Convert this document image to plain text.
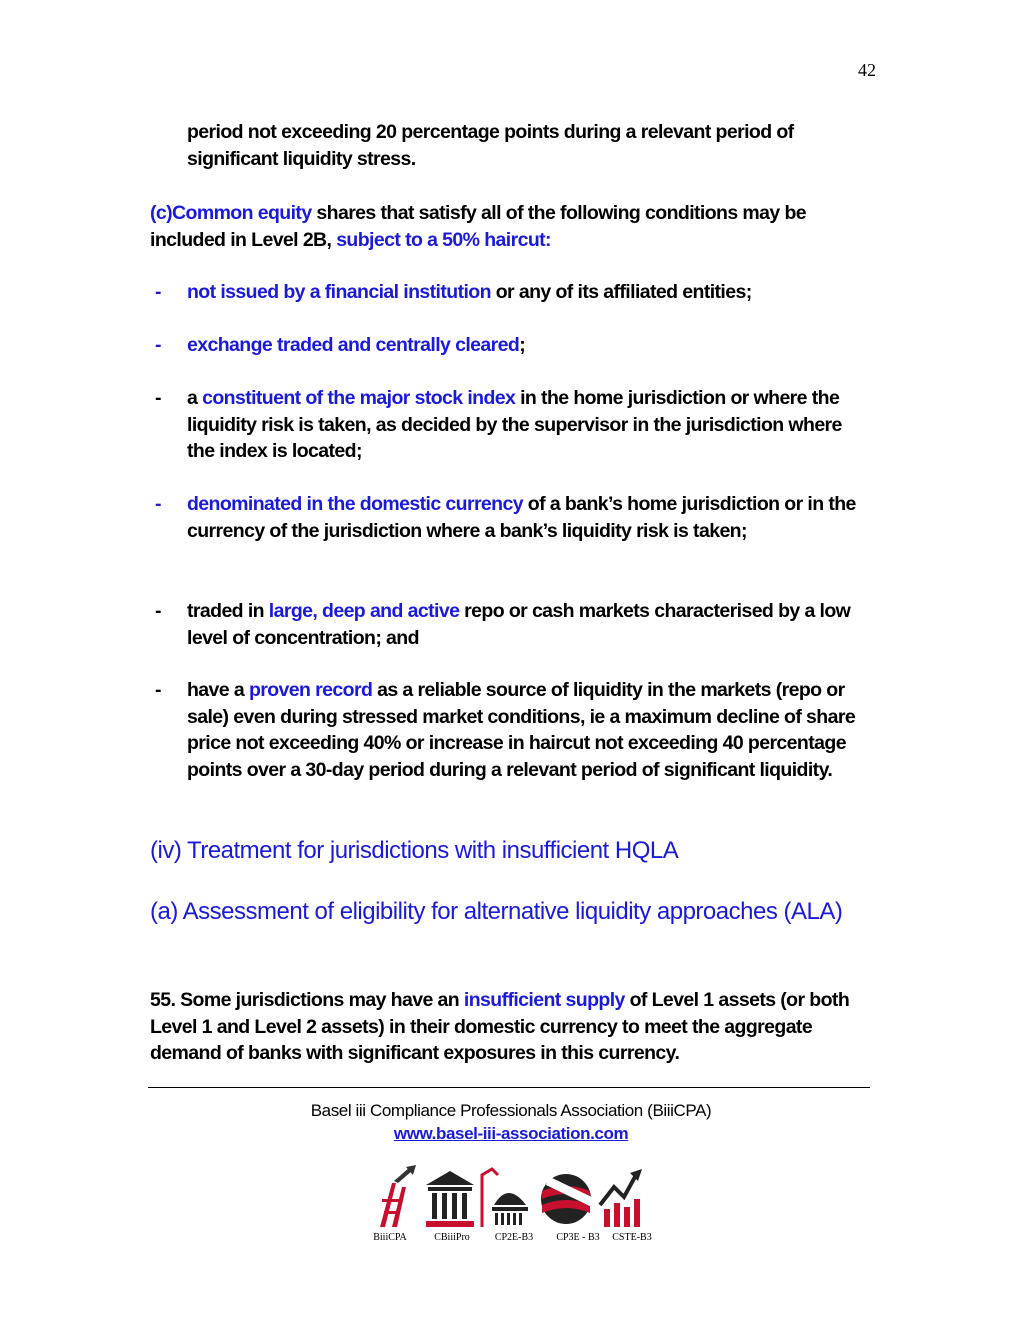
42
period not exceeding 20 percentage points during a relevant period of significant liquidity stress.
(c)Common equity shares that satisfy all of the following conditions may be included in Level 2B, subject to a 50% haircut:
- not issued by a financial institution or any of its affiliated entities;
- exchange traded and centrally cleared;
- a constituent of the major stock index in the home jurisdiction or where the liquidity risk is taken, as decided by the supervisor in the jurisdiction where the index is located;
- denominated in the domestic currency of a bank’s home jurisdiction or in the currency of the jurisdiction where a bank’s liquidity risk is taken;
- traded in large, deep and active repo or cash markets characterised by a low level of concentration; and
- have a proven record as a reliable source of liquidity in the markets (repo or sale) even during stressed market conditions, ie a maximum decline of share price not exceeding 40% or increase in haircut not exceeding 40 percentage points over a 30-day period during a relevant period of significant liquidity.
(iv) Treatment for jurisdictions with insufficient HQLA
(a) Assessment of eligibility for alternative liquidity approaches (ALA)
55. Some jurisdictions may have an insufficient supply of Level 1 assets (or both Level 1 and Level 2 assets) in their domestic currency to meet the aggregate demand of banks with significant exposures in this currency.
Basel iii Compliance Professionals Association (BiiiCPA)
www.basel-iii-association.com
BiiiCPA	CBiiiPro	CP2E-B3	CP3E - B3	CSTE-B3
